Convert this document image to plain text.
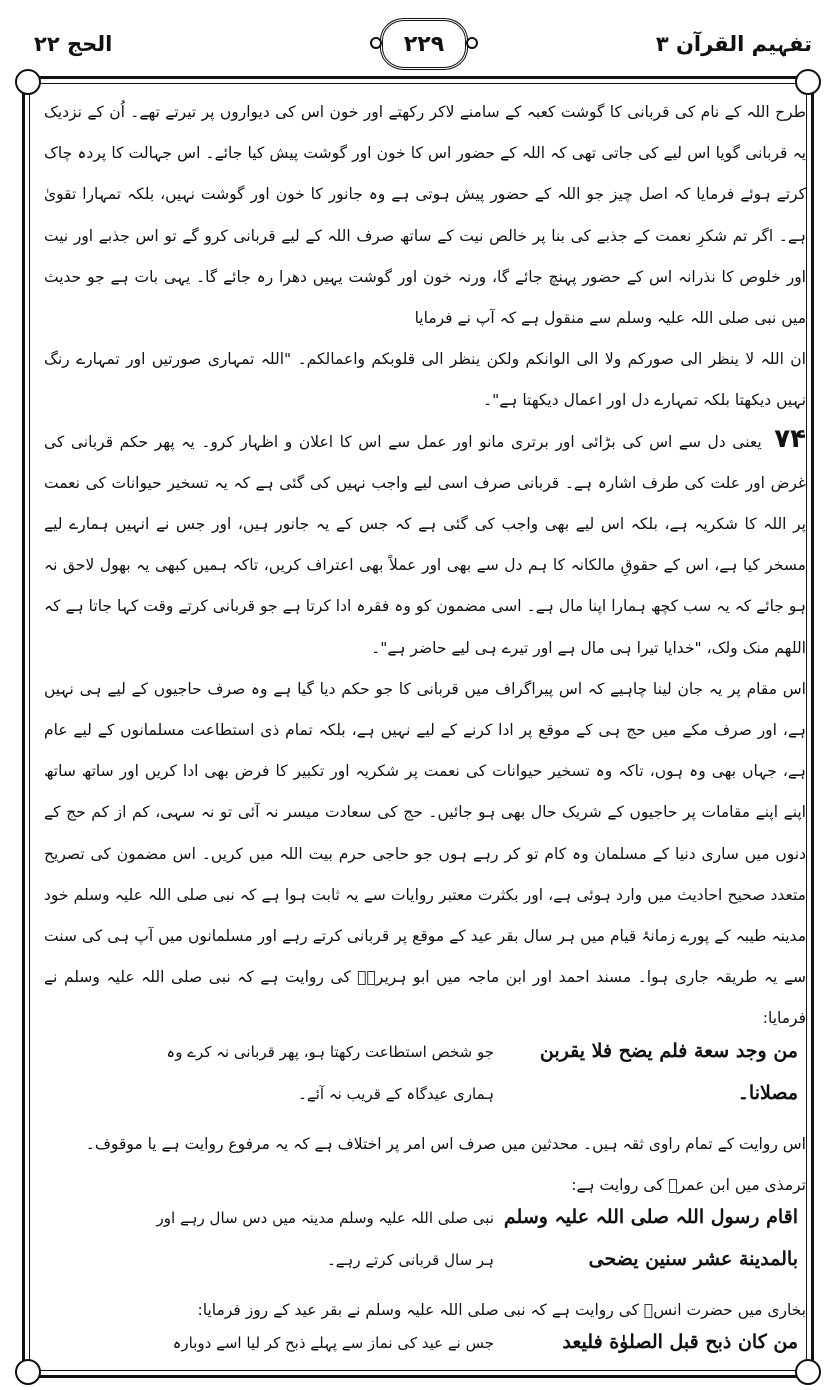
الحج ۲۲	۲۲۹	تفہیم القرآن ۳

طرح اللہ کے نام کی قربانی کا گوشت کعبہ کے سامنے لاکر رکھتے اور خون اس کی دیواروں پر تیرتے تھے۔ اُن کے نزدیک یہ قربانی گویا اس لیے کی جاتی تھی کہ اللہ کے حضور اس کا خون اور گوشت پیش کیا جائے۔ اس جہالت کا پردہ چاک کرتے ہوئے فرمایا کہ اصل چیز جو اللہ کے حضور پیش ہوتی ہے وہ جانور کا خون اور گوشت نہیں، بلکہ تمہارا تقویٰ ہے۔ اگر تم شکرِ نعمت کے جذبے کی بنا پر خالص نیت کے ساتھ صرف اللہ کے لیے قربانی کرو گے تو اس جذبے اور نیت اور خلوص کا نذرانہ اس کے حضور پہنچ جائے گا، ورنہ خون اور گوشت یہیں دھرا رہ جائے گا۔ یہی بات ہے جو حدیث میں نبی صلی اللہ علیہ وسلم سے منقول ہے کہ آپ نے فرمایا

ان اللہ لا ینظر الی صورکم ولا الی الوانکم ولکن ینظر الی قلوبکم واعمالکم۔ "اللہ تمہاری صورتیں اور تمہارے رنگ نہیں دیکھتا بلکہ تمہارے دل اور اعمال دیکھتا ہے"۔

۷۴ یعنی دل سے اس کی بڑائی اور برتری مانو اور عمل سے اس کا اعلان و اظہار کرو۔ یہ پھر حکم قربانی کی غرض اور علت کی طرف اشارہ ہے۔ قربانی صرف اسی لیے واجب نہیں کی گئی ہے کہ یہ تسخیر حیوانات کی نعمت پر اللہ کا شکریہ ہے، بلکہ اس لیے بھی واجب کی گئی ہے کہ جس کے یہ جانور ہیں، اور جس نے انہیں ہمارے لیے مسخر کیا ہے، اس کے حقوقِ مالکانہ کا ہم دل سے بھی اور عملاً بھی اعتراف کریں، تاکہ ہمیں کبھی یہ بھول لاحق نہ ہو جائے کہ یہ سب کچھ ہمارا اپنا مال ہے۔ اسی مضمون کو وہ فقرہ ادا کرتا ہے جو قربانی کرتے وقت کہا جاتا ہے کہ اللھم منک ولک، "خدایا تیرا ہی مال ہے اور تیرے ہی لیے حاضر ہے"۔

اس مقام پر یہ جان لینا چاہیے کہ اس پیراگراف میں قربانی کا جو حکم دیا گیا ہے وہ صرف حاجیوں کے لیے ہی نہیں ہے، اور صرف مکے میں حج ہی کے موقع پر ادا کرنے کے لیے نہیں ہے، بلکہ تمام ذی استطاعت مسلمانوں کے لیے عام ہے، جہاں بھی وہ ہوں، تاکہ وہ تسخیر حیوانات کی نعمت پر شکریہ اور تکبیر کا فرض بھی ادا کریں اور ساتھ ساتھ اپنے اپنے مقامات پر حاجیوں کے شریک حال بھی ہو جائیں۔ حج کی سعادت میسر نہ آئی تو نہ سہی، کم از کم حج کے دنوں میں ساری دنیا کے مسلمان وہ کام تو کر رہے ہوں جو حاجی حرم بیت اللہ میں کریں۔ اس مضمون کی تصریح متعدد صحیح احادیث میں وارد ہوئی ہے، اور بکثرت معتبر روایات سے یہ ثابت ہوا ہے کہ نبی صلی اللہ علیہ وسلم خود مدینہ طیبہ کے پورے زمانۂ قیام میں ہر سال بقر عید کے موقع پر قربانی کرتے رہے اور مسلمانوں میں آپ ہی کی سنت سے یہ طریقہ جاری ہوا۔ مسند احمد اور ابن ماجہ میں ابو ہریرہؓ کی روایت ہے کہ نبی صلی اللہ علیہ وسلم نے فرمایا:

من وجد سعة فلم یضح فلا یقربن
جو شخص استطاعت رکھتا ہو، پھر قربانی نہ کرے وہ
مصلانا۔
ہماری عیدگاہ کے قریب نہ آئے۔

اس روایت کے تمام راوی ثقہ ہیں۔ محدثین میں صرف اس امر پر اختلاف ہے کہ یہ مرفوع روایت ہے یا موقوف۔

ترمذی میں ابن عمرؓ کی روایت ہے:

اقام رسول اللہ صلی اللہ علیہ وسلم
نبی صلی اللہ علیہ وسلم مدینہ میں دس سال رہے اور
بالمدینة عشر سنین یضحی
ہر سال قربانی کرتے رہے۔

بخاری میں حضرت انسؓ کی روایت ہے کہ نبی صلی اللہ علیہ وسلم نے بقر عید کے روز فرمایا:

من کان ذبح قبل الصلوٰة فلیعد
جس نے عید کی نماز سے پہلے ذبح کر لیا اسے دوبارہ
